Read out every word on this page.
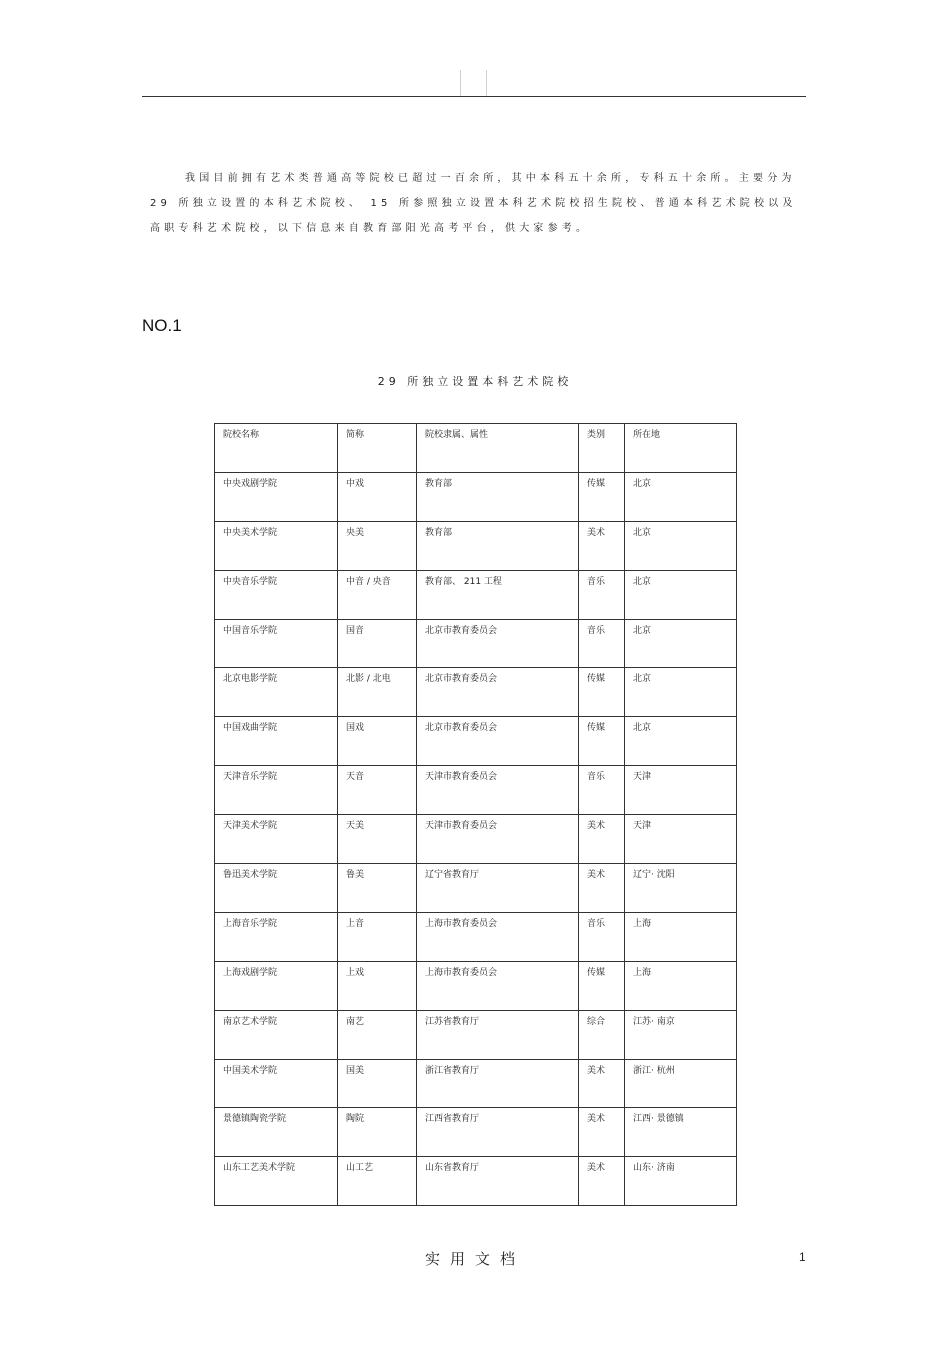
我国目前拥有艺术类普通高等院校已超过一百余所，其中本科五十余所，专科五十余所。主要分为29 所独立设置的本科艺术院校、 15 所参照独立设置本科艺术院校招生院校、普通本科艺术院校以及高职专科艺术院校，以下信息来自教育部阳光高考平台，供大家参考。

NO.1
29 所独立设置本科艺术院校
院校名称	简称	院校隶属、属性	类别	所在地
中央戏剧学院	中戏	教育部	传媒	北京
中央美术学院	央美	教育部	美术	北京
中央音乐学院	中音 / 央音	教育部、 211 工程	音乐	北京
中国音乐学院	国音	北京市教育委员会	音乐	北京
北京电影学院	北影 / 北电	北京市教育委员会	传媒	北京
中国戏曲学院	国戏	北京市教育委员会	传媒	北京
天津音乐学院	天音	天津市教育委员会	音乐	天津
天津美术学院	天美	天津市教育委员会	美术	天津
鲁迅美术学院	鲁美	辽宁省教育厅	美术	辽宁· 沈阳
上海音乐学院	上音	上海市教育委员会	音乐	上海
上海戏剧学院	上戏	上海市教育委员会	传媒	上海
南京艺术学院	南艺	江苏省教育厅	综合	江苏· 南京
中国美术学院	国美	浙江省教育厅	美术	浙江· 杭州
景德镇陶瓷学院	陶院	江西省教育厅	美术	江西· 景德镇
山东工艺美术学院	山工艺	山东省教育厅	美术	山东· 济南
实用文档	1
